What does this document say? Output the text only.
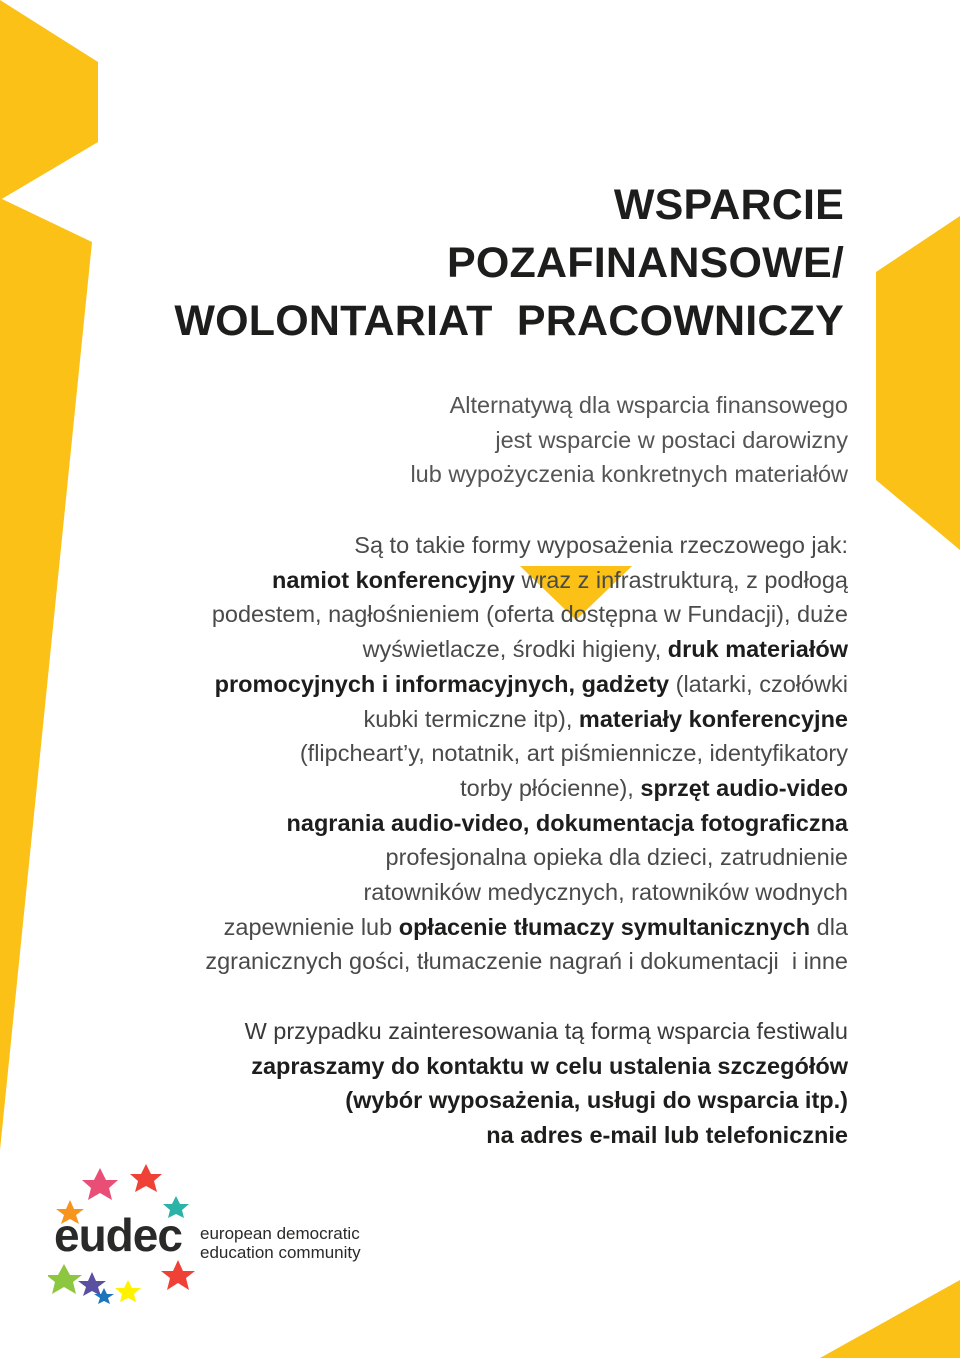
WSPARCIE
POZAFINANSOWE/
WOLONTARIAT  PRACOWNICZY

Alternatywą dla wsparcia finansowego
jest wsparcie w postaci darowizny
lub wypożyczenia konkretnych materiałów

Są to takie formy wyposażenia rzeczowego jak:
namiot konferencyjny wraz z infrastrukturą, z podłogą
podestem, nagłośnieniem (oferta dostępna w Fundacji), duże
wyświetlacze, środki higieny, druk materiałów
promocyjnych i informacyjnych, gadżety (latarki, czołówki
kubki termiczne itp), materiały konferencyjne
(flipcheart’y, notatnik, art piśmiennicze, identyfikatory
torby płócienne), sprzęt audio-video
nagrania audio-video, dokumentacja fotograficzna
profesjonalna opieka dla dzieci, zatrudnienie
ratowników medycznych, ratowników wodnych
zapewnienie lub opłacenie tłumaczy symultanicznych dla
zgranicznych gości, tłumaczenie nagrań i dokumentacji  i inne

W przypadku zainteresowania tą formą wsparcia festiwalu
zapraszamy do kontaktu w celu ustalenia szczegółów
(wybór wyposażenia, usługi do wsparcia itp.)
na adres e-mail lub telefonicznie

eudec european democratic
education community
